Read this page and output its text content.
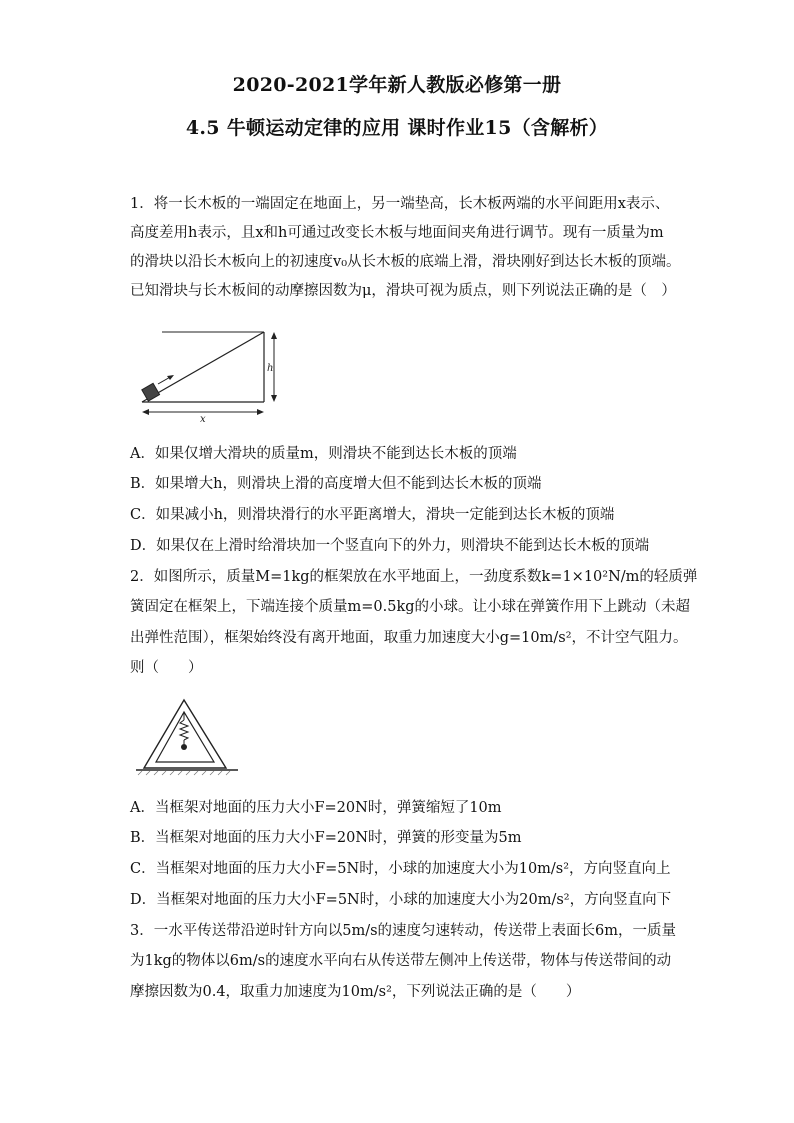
2020-2021学年新人教版必修第一册
4.5 牛顿运动定律的应用 课时作业15（含解析）
1．将一长木板的一端固定在地面上，另一端垫高，长木板两端的水平间距用x表示、
高度差用h表示，且x和h可通过改变长木板与地面间夹角进行调节。现有一质量为m
的滑块以沿长木板向上的初速度v₀从长木板的底端上滑，滑块刚好到达长木板的顶端。
已知滑块与长木板间的动摩擦因数为μ，滑块可视为质点，则下列说法正确的是（　）
h
x
A．如果仅增大滑块的质量m，则滑块不能到达长木板的顶端
B．如果增大h，则滑块上滑的高度增大但不能到达长木板的顶端
C．如果减小h，则滑块滑行的水平距离增大，滑块一定能到达长木板的顶端
D．如果仅在上滑时给滑块加一个竖直向下的外力，则滑块不能到达长木板的顶端
2．如图所示，质量M=1kg的框架放在水平地面上，一劲度系数k=1×10²N/m的轻质弹
簧固定在框架上，下端连接个质量m=0.5kg的小球。让小球在弹簧作用下上跳动（未超
出弹性范围），框架始终没有离开地面，取重力加速度大小g=10m/s²，不计空气阻力。
则（　　）
A．当框架对地面的压力大小F=20N时，弹簧缩短了10m
B．当框架对地面的压力大小F=20N时，弹簧的形变量为5m
C．当框架对地面的压力大小F=5N时，小球的加速度大小为10m/s²，方向竖直向上
D．当框架对地面的压力大小F=5N时，小球的加速度大小为20m/s²，方向竖直向下
3．一水平传送带沿逆时针方向以5m/s的速度匀速转动，传送带上表面长6m，一质量
为1kg的物体以6m/s的速度水平向右从传送带左侧冲上传送带，物体与传送带间的动
摩擦因数为0.4，取重力加速度为10m/s²，下列说法正确的是（　　）
